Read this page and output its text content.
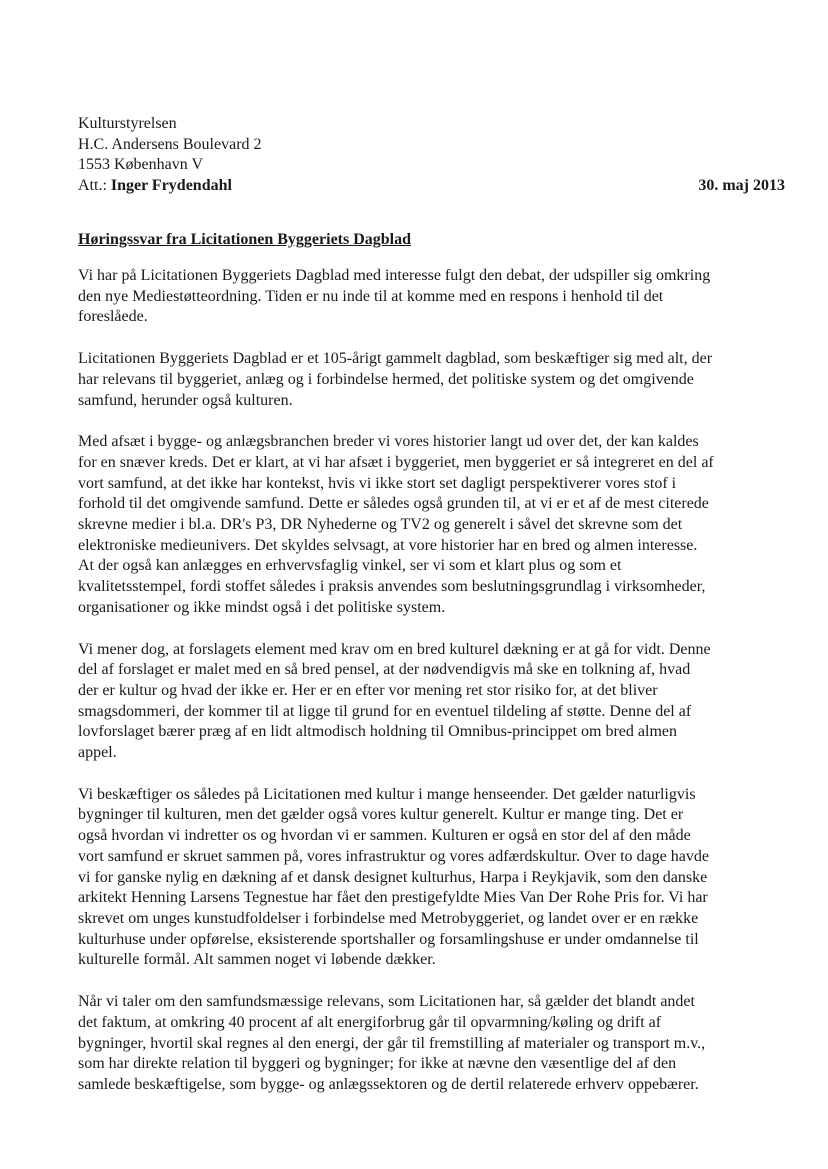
Kulturstyrelsen
H.C. Andersens Boulevard 2
1553 København V
Att.: Inger Frydendahl	30. maj 2013
Høringssvar fra Licitationen Byggeriets Dagblad

Vi har på Licitationen Byggeriets Dagblad med interesse fulgt den debat, der udspiller sig omkring den nye Mediestøtteordning. Tiden er nu inde til at komme med en respons i henhold til det foreslåede.

Licitationen Byggeriets Dagblad er et 105-årigt gammelt dagblad, som beskæftiger sig med alt, der har relevans til byggeriet, anlæg og i forbindelse hermed, det politiske system og det omgivende samfund, herunder også kulturen.

Med afsæt i bygge- og anlægsbranchen breder vi vores historier langt ud over det, der kan kaldes for en snæver kreds. Det er klart, at vi har afsæt i byggeriet, men byggeriet er så integreret en del af vort samfund, at det ikke har kontekst, hvis vi ikke stort set dagligt perspektiverer vores stof i forhold til det omgivende samfund. Dette er således også grunden til, at vi er et af de mest citerede skrevne medier i bl.a. DR's P3, DR Nyhederne og TV2 og generelt i såvel det skrevne som det elektroniske medieunivers. Det skyldes selvsagt, at vore historier har en bred og almen interesse. At der også kan anlægges en erhvervsfaglig vinkel, ser vi som et klart plus og som et kvalitetsstempel, fordi stoffet således i praksis anvendes som beslutningsgrundlag i virksomheder, organisationer og ikke mindst også i det politiske system.

Vi mener dog, at forslagets element med krav om en bred kulturel dækning er at gå for vidt. Denne del af forslaget er malet med en så bred pensel, at der nødvendigvis må ske en tolkning af, hvad der er kultur og hvad der ikke er. Her er en efter vor mening ret stor risiko for, at det bliver smagsdommeri, der kommer til at ligge til grund for en eventuel tildeling af støtte. Denne del af lovforslaget bærer præg af en lidt altmodisch holdning til Omnibus-princippet om bred almen appel.

Vi beskæftiger os således på Licitationen med kultur i mange henseender. Det gælder naturligvis bygninger til kulturen, men det gælder også vores kultur generelt. Kultur er mange ting. Det er også hvordan vi indretter os og hvordan vi er sammen. Kulturen er også en stor del af den måde vort samfund er skruet sammen på, vores infrastruktur og vores adfærdskultur. Over to dage havde vi for ganske nylig en dækning af et dansk designet kulturhus, Harpa i Reykjavik, som den danske arkitekt Henning Larsens Tegnestue har fået den prestigefyldte Mies Van Der Rohe Pris for. Vi har skrevet om unges kunstudfoldelser i forbindelse med Metrobyggeriet, og landet over er en række kulturhuse under opførelse, eksisterende sportshaller og forsamlingshuse er under omdannelse til kulturelle formål. Alt sammen noget vi løbende dækker.

Når vi taler om den samfundsmæssige relevans, som Licitationen har, så gælder det blandt andet det faktum, at omkring 40 procent af alt energiforbrug går til opvarmning/køling og drift af bygninger, hvortil skal regnes al den energi, der går til fremstilling af materialer og transport m.v., som har direkte relation til byggeri og bygninger; for ikke at nævne den væsentlige del af den samlede beskæftigelse, som bygge- og anlægssektoren og de dertil relaterede erhverv oppebærer.
